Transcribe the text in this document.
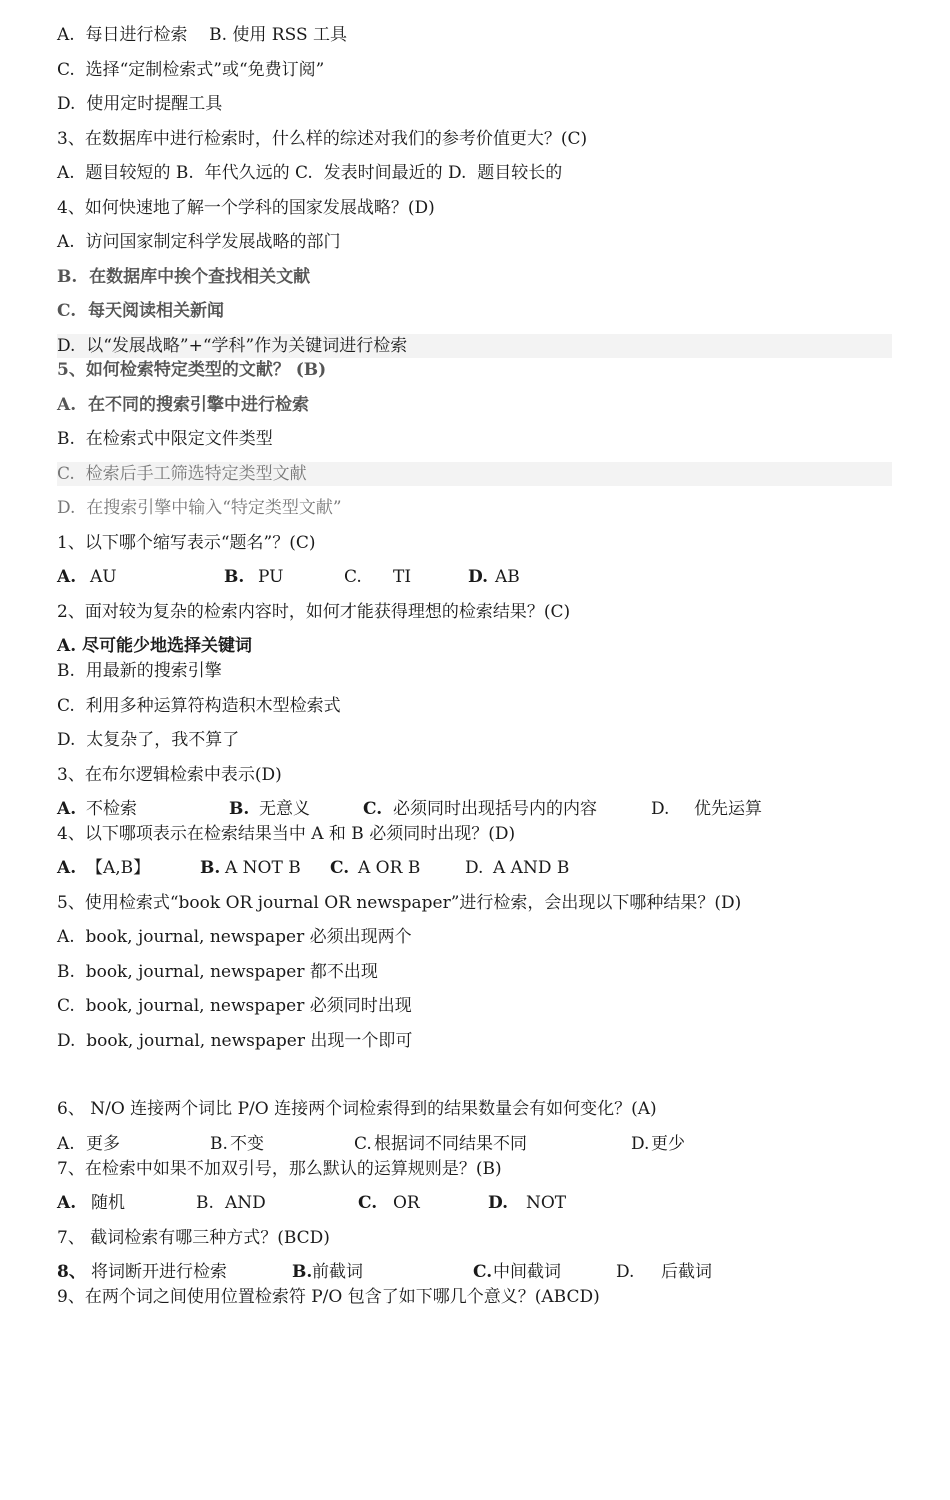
A.  每日进行检索    B. 使用 RSS 工具
C.  选择“定制检索式”或“免费订阅”
D.  使用定时提醒工具
3、在数据库中进行检索时，什么样的综述对我们的参考价值更大？(C)
A.  题目较短的 B.  年代久远的 C.  发表时间最近的 D.  题目较长的
4、如何快速地了解一个学科的国家发展战略？(D)
A.  访问国家制定科学发展战略的部门
B.  在数据库中挨个查找相关文献
C.  每天阅读相关新闻
D.  以“发展战略”+“学科”作为关键词进行检索
5、如何检索特定类型的文献？ (B)
A.  在不同的搜索引擎中进行检索
B.  在检索式中限定文件类型
C.  检索后手工筛选特定类型文献
D.  在搜索引擎中输入“特定类型文献”
1、以下哪个缩写表示“题名”？(C)

A.

AU

	B.

PU

	C.

TI

	D.

AB

2、面对较为复杂的检索内容时，如何才能获得理想的检索结果？(C)
A. 尽可能少地选择关键词
B.  用最新的搜索引擎
C.  利用多种运算符构造积木型检索式
D.  太复杂了，我不算了
3、在布尔逻辑检索中表示(D)

A.

不检索

	B.

无意义

	C.

必须同时出现括号内的内容

	D.

优先运算

4、以下哪项表示在检索结果当中 A 和 B 必须同时出现？(D)

A.

【A,B】

	B.

A NOT B

C.

A OR B

	D.

A AND B

5、使用检索式“book OR journal OR newspaper”进行检索，会出现以下哪种结果？(D)
A.  book, journal, newspaper 必须出现两个
B.  book, journal, newspaper 都不出现
C.  book, journal, newspaper 必须同时出现
D.  book, journal, newspaper 出现一个即可
6、 N/O 连接两个词比 P/O 连接两个词检索得到的结果数量会有如何变化？(A)

A.

更多

	B.

不变

	C.

根据词不同结果不同

	D.

更少

7、在检索中如果不加双引号，那么默认的运算规则是？(B)

A.

随机

	B.

AND

	C.

OR

	D.

NOT

7、 截词检索有哪三种方式？(BCD)

8、

将词断开进行检索

	B.

前截词

	C.

中间截词

	D.

后截词

9、在两个词之间使用位置检索符 P/O 包含了如下哪几个意义？(ABCD)
